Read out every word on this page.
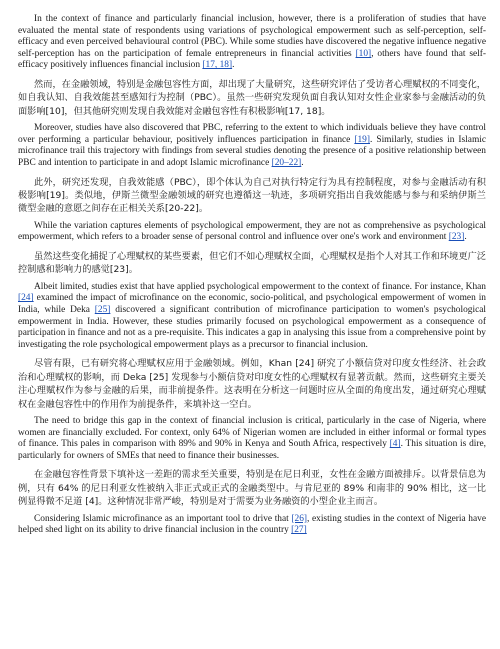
In the context of finance and particularly financial inclusion, however, there is a proliferation of studies that have evaluated the mental state of respondents using variations of psychological empowerment such as self-perception, self-efficacy and even perceived behavioural control (PBC). While some studies have discovered the negative influence negative self-perception has on the participation of female entrepreneurs in financial activities [10], others have found that self-efficacy positively influences financial inclusion [17, 18].

然而，在金融领域，特别是金融包容性方面，却出现了大量研究，这些研究评估了受访者心理赋权的不同变化，如自我认知、自我效能甚至感知行为控制（PBC）。虽然一些研究发现负面自我认知对女性企业家参与金融活动的负面影响[10]，但其他研究则发现自我效能对金融包容性有积极影响[17, 18]。

Moreover, studies have also discovered that PBC, referring to the extent to which individuals believe they have control over performing a particular behaviour, positively influences participation in finance [19]. Similarly, studies in Islamic microfinance trail this trajectory with findings from several studies denoting the presence of a positive relationship between PBC and intention to participate in and adopt Islamic microfinance [20–22].

此外，研究还发现，自我效能感（PBC），即个体认为自己对执行特定行为具有控制程度，对参与金融活动有积极影响[19]。类似地，伊斯兰微型金融领域的研究也遵循这一轨迹，多项研究指出自我效能感与参与和采纳伊斯兰微型金融的意愿之间存在正相关关系[20-22]。

While the variation captures elements of psychological empowerment, they are not as comprehensive as psychological empowerment, which refers to a broader sense of personal control and influence over one's work and environment [23].

虽然这些变化捕捉了心理赋权的某些要素，但它们不如心理赋权全面，心理赋权是指个人对其工作和环境更广泛控制感和影响力的感觉[23]。

Albeit limited, studies exist that have applied psychological empowerment to the context of finance. For instance, Khan [24] examined the impact of microfinance on the economic, socio-political, and psychological empowerment of women in India, while Deka [25] discovered a significant contribution of microfinance participation to women's psychological empowerment in India. However, these studies primarily focused on psychological empowerment as a consequence of participation in finance and not as a pre-requisite. This indicates a gap in analysing this issue from a comprehensive point by investigating the role psychological empowerment plays as a precursor to financial inclusion.

尽管有限，已有研究将心理赋权应用于金融领域。例如，Khan [24] 研究了小额信贷对印度女性经济、社会政治和心理赋权的影响，而 Deka [25] 发现参与小额信贷对印度女性的心理赋权有显著贡献。然而，这些研究主要关注心理赋权作为参与金融的后果，而非前提条件。这表明在分析这一问题时应从全面的角度出发，通过研究心理赋权在金融包容性中的作用作为前提条件，来填补这一空白。

The need to bridge this gap in the context of financial inclusion is critical, particularly in the case of Nigeria, where women are financially excluded. For context, only 64% of Nigerian women are included in either informal or formal types of finance. This pales in comparison with 89% and 90% in Kenya and South Africa, respectively [4]. This situation is dire, particularly for owners of SMEs that need to finance their businesses.

在金融包容性背景下填补这一差距的需求至关重要，特别是在尼日利亚，女性在金融方面被排斥。以背景信息为例，只有 64% 的尼日利亚女性被纳入非正式或正式的金融类型中。与肯尼亚的 89% 和南非的 90% 相比，这一比例显得微不足道 [4]。这种情况非常严峻，特别是对于需要为业务融资的小型企业主而言。

Considering Islamic microfinance as an important tool to drive that [26], existing studies in the context of Nigeria have helped shed light on its ability to drive financial inclusion in the country [27]
